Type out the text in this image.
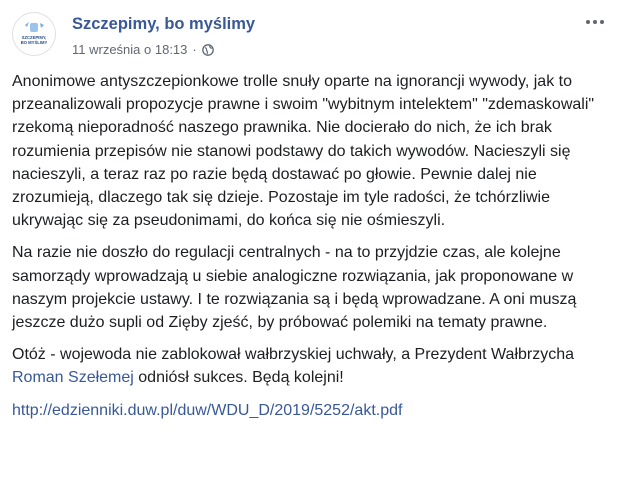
SZCZEPIMY,
BO MYŚLIMY
Szczepimy, bo myślimy
11 września o 18:13 ·

Anonimowe antyszczepionkowe trolle snuły oparte na ignorancji wywody, jak to przeanalizowali propozycje prawne i swoim "wybitnym intelektem" "zdemaskowali" rzekomą nieporadność naszego prawnika. Nie docierało do nich, że ich brak rozumienia przepisów nie stanowi podstawy do takich wywodów. Nacieszyli się nacieszyli, a teraz raz po razie będą dostawać po głowie. Pewnie dalej nie zrozumieją, dlaczego tak się dzieje. Pozostaje im tyle radości, że tchórzliwie ukrywając się za pseudonimami, do końca się nie ośmieszyli.

Na razie nie doszło do regulacji centralnych - na to przyjdzie czas, ale kolejne samorządy wprowadzają u siebie analogiczne rozwiązania, jak proponowane w naszym projekcie ustawy. I te rozwiązania są i będą wprowadzane. A oni muszą jeszcze dużo supli od Zięby zjeść, by próbować polemiki na tematy prawne.

Otóż - wojewoda nie zablokował wałbrzyskiej uchwały, a Prezydent Wałbrzycha Roman Szełemej odniósł sukces. Będą kolejni!

http://edzienniki.duw.pl/duw/WDU_D/2019/5252/akt.pdf
